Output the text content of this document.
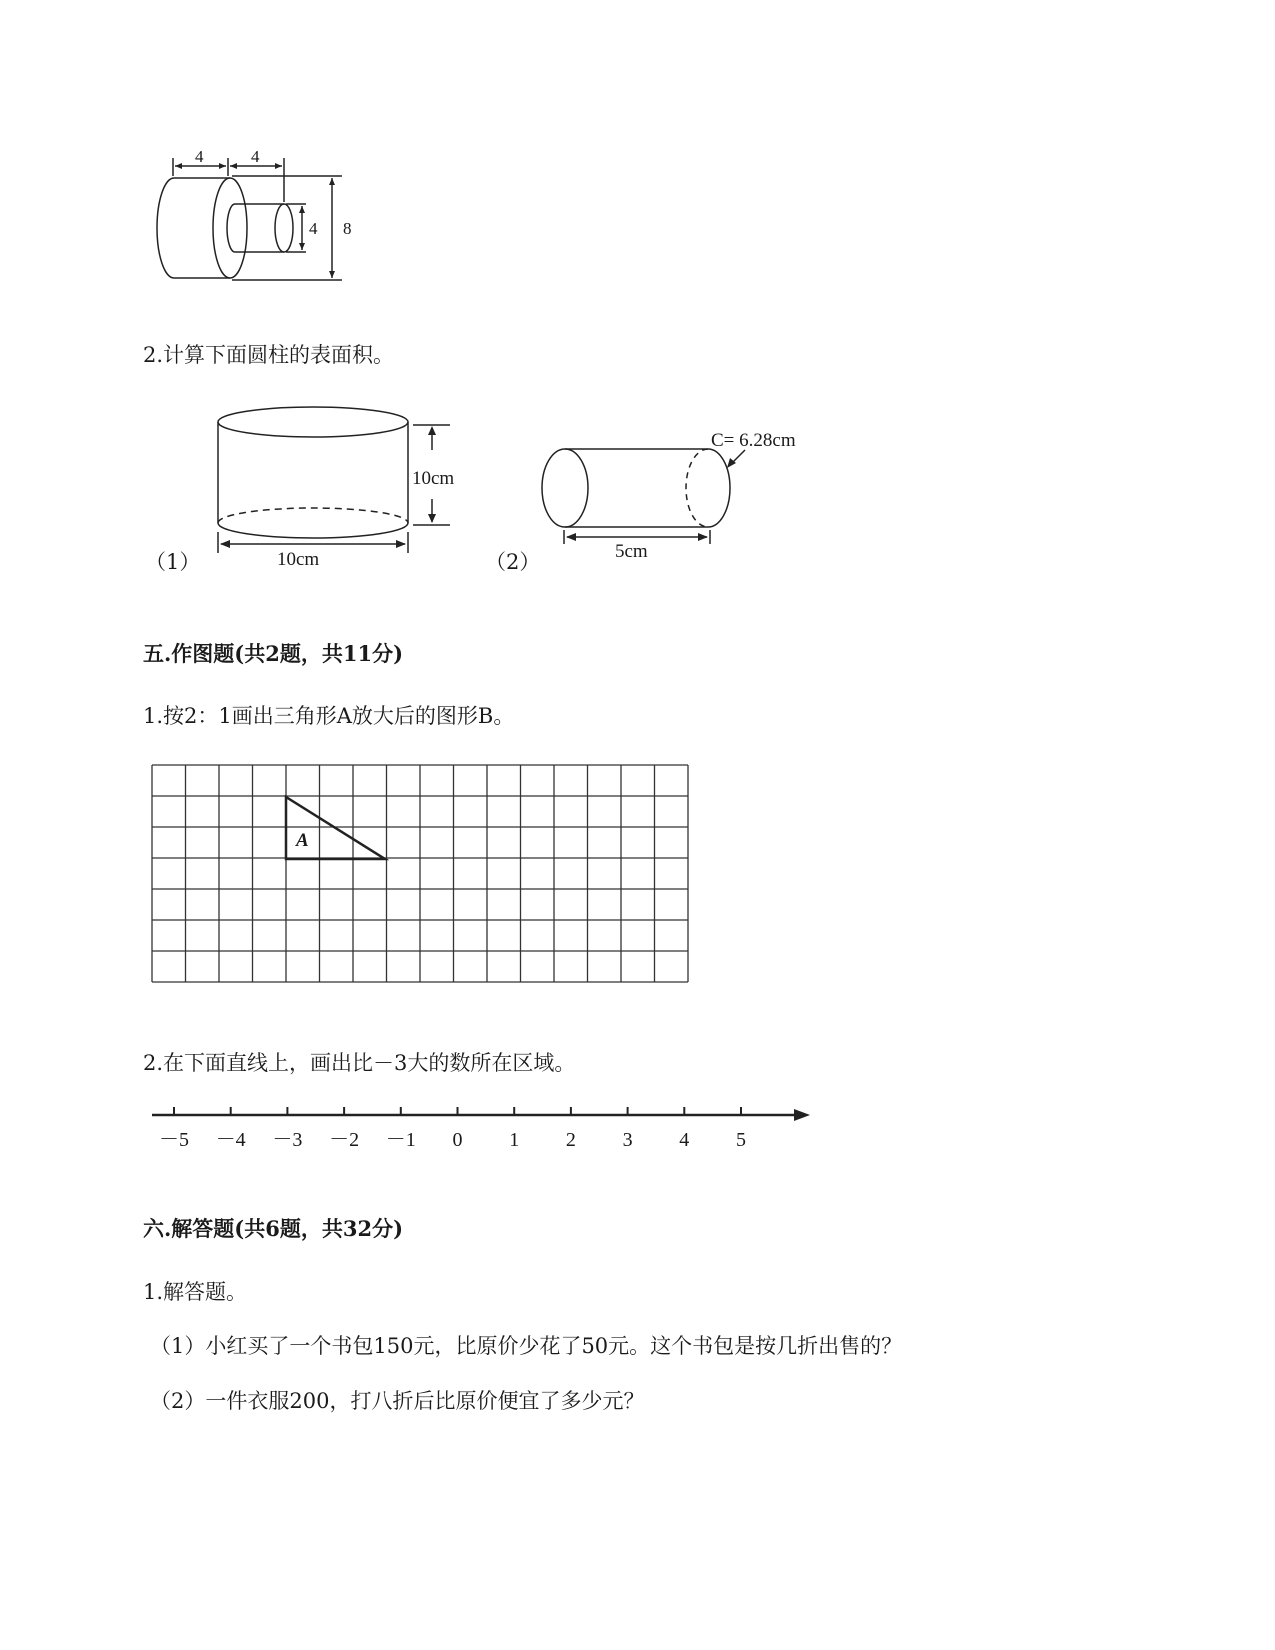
4	4
4 8
2.计算下面圆柱的表面积。
（1）
10cm
10cm	（2）
C= 6.28cm
5cm
五.作图题(共2题，共11分)
1.按2：1画出三角形A放大后的图形B。
A
2.在下面直线上，画出比－3大的数所在区域。
－5 －4 －3 －2 －1 0 1 2 3 4 5
六.解答题(共6题，共32分)
1.解答题。
（1）小红买了一个书包150元，比原价少花了50元。这个书包是按几折出售的？
（2）一件衣服200，打八折后比原价便宜了多少元？
